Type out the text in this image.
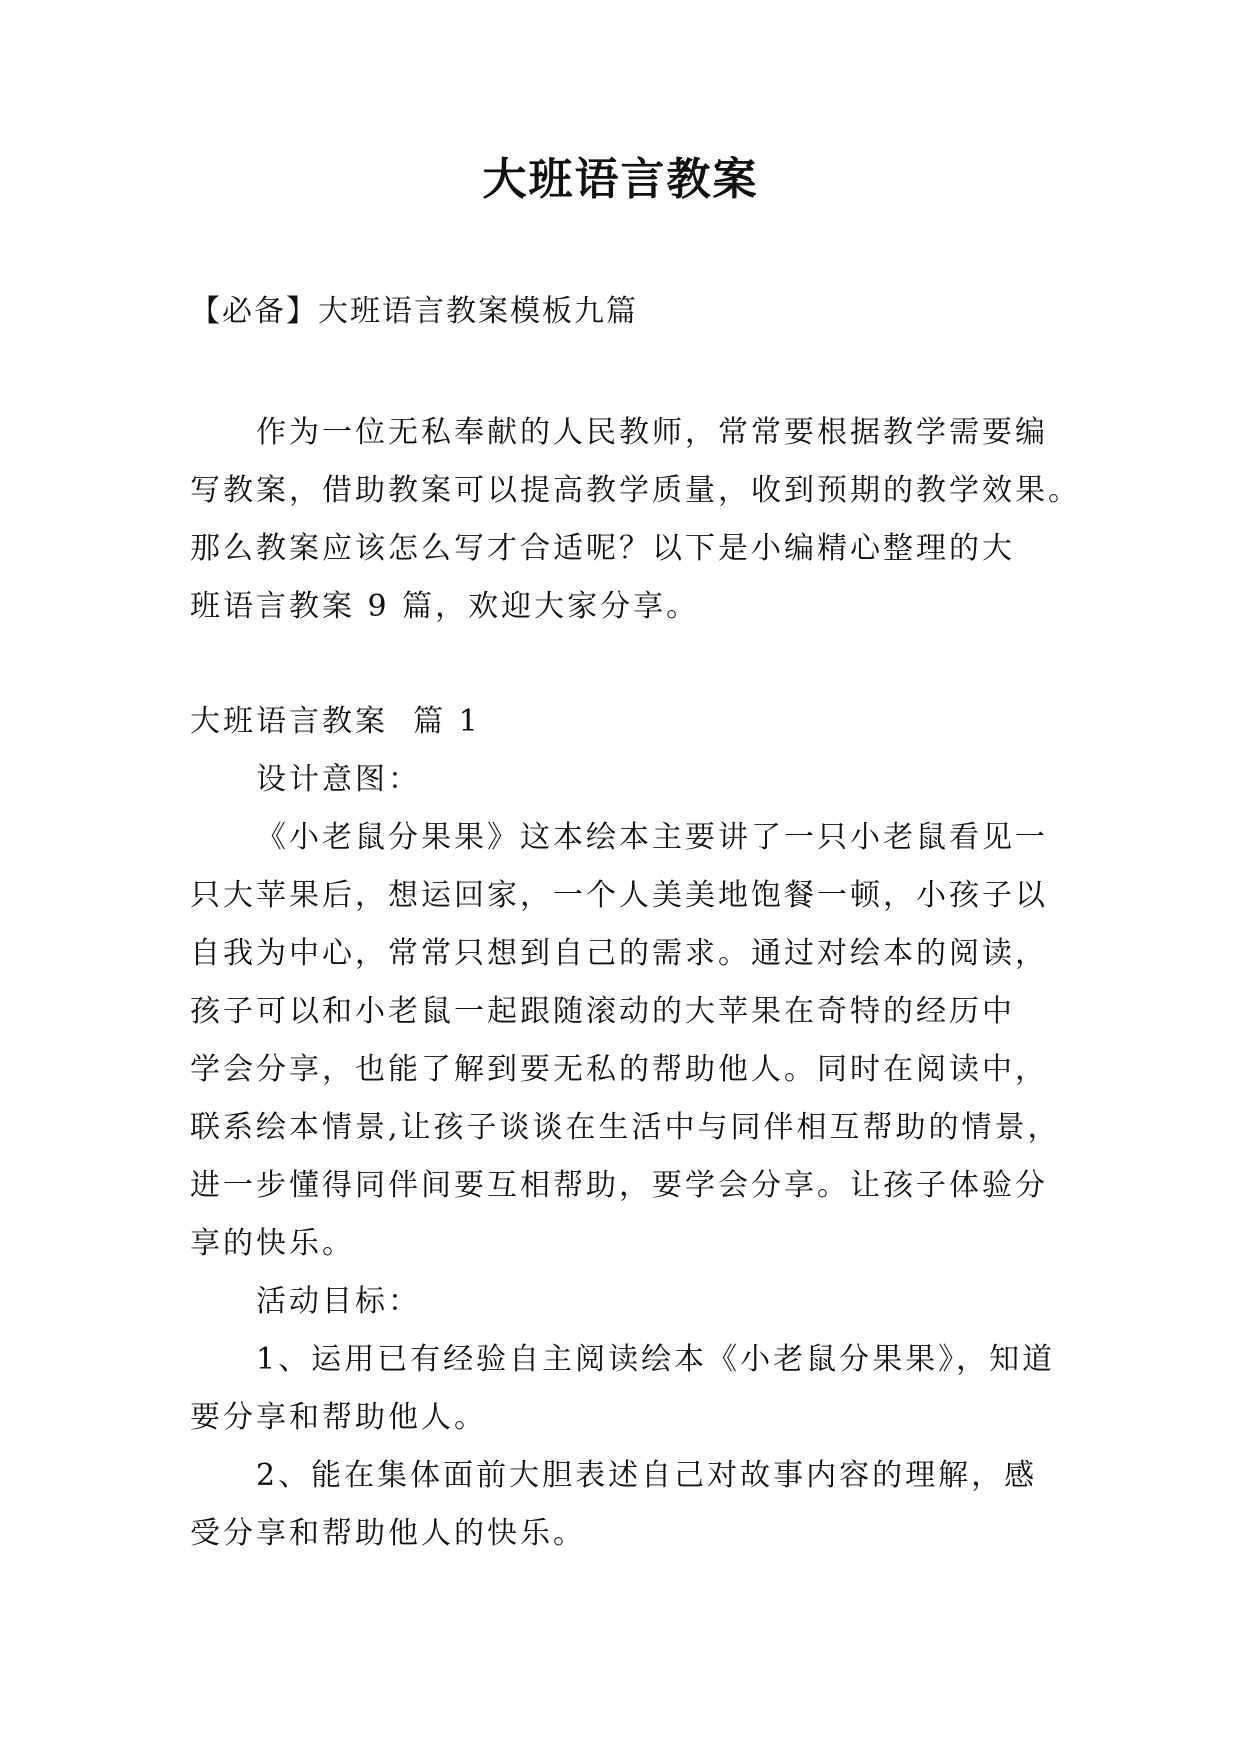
大班语言教案
【必备】大班语言教案模板九篇
作为一位无私奉献的人民教师，常常要根据教学需要编
写教案，借助教案可以提高教学质量，收到预期的教学效果。
那么教案应该怎么写才合适呢？以下是小编精心整理的大
班语言教案 9 篇，欢迎大家分享。
大班语言教案  篇 1
设计意图：
《小老鼠分果果》这本绘本主要讲了一只小老鼠看见一
只大苹果后，想运回家，一个人美美地饱餐一顿，小孩子以
自我为中心，常常只想到自己的需求。通过对绘本的阅读，
孩子可以和小老鼠一起跟随滚动的大苹果在奇特的经历中
学会分享，也能了解到要无私的帮助他人。同时在阅读中，
联系绘本情景,让孩子谈谈在生活中与同伴相互帮助的情景，
进一步懂得同伴间要互相帮助，要学会分享。让孩子体验分
享的快乐。
活动目标：
1、运用已有经验自主阅读绘本《小老鼠分果果》，知道
要分享和帮助他人。
2、能在集体面前大胆表述自己对故事内容的理解，感
受分享和帮助他人的快乐。
